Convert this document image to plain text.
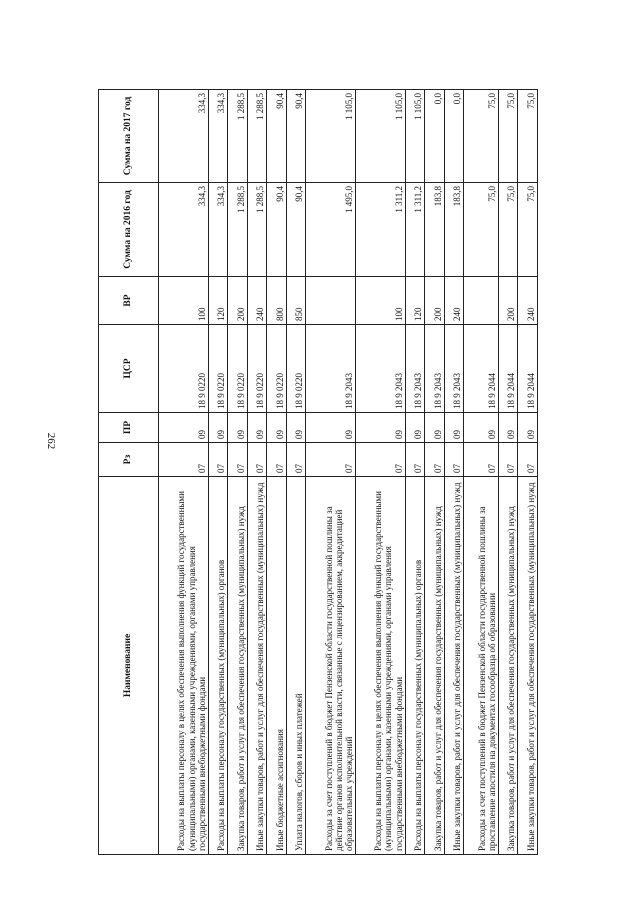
262
Наименование	Рз	ПР	ЦСР	ВР	Сумма на 2016 год	Сумма на 2017 год
Расходы на выплаты персоналу в целях обеспечения выполнения функций государственными (муниципальными) органами, казенными учреждениями, органами управления государственными внебюджетными фондами	07	09	18 9 0220	100	334,3	334,3
Расходы на выплаты персоналу государственных (муниципальных) органов	07	09	18 9 0220	120	334,3	334,3
Закупка товаров, работ и услуг для обеспечения государственных (муниципальных) нужд	07	09	18 9 0220	200	1 288,5	1 288,5
Иные закупки товаров, работ и услуг для обеспечения государственных (муниципальных) нужд	07	09	18 9 0220	240	1 288,5	1 288,5
Иные бюджетные ассигнования	07	09	18 9 0220	800	90,4	90,4
Уплата налогов, сборов и иных платежей	07	09	18 9 0220	850	90,4	90,4
Расходы за счет поступлений в бюджет Пензенской области государственной пошлины за действие органов исполнительной власти, связанные с лицензированием, аккредитацией образовательных учреждений	07	09	18 9 2043		1 495,0	1 105,0
Расходы на выплаты персоналу в целях обеспечения выполнения функций государственными (муниципальными) органами, казенными учреждениями, органами управления государственными внебюджетными фондами	07	09	18 9 2043	100	1 311,2	1 105,0
Расходы на выплаты персоналу государственных (муниципальных) органов	07	09	18 9 2043	120	1 311,2	1 105,0
Закупка товаров, работ и услуг для обеспечения государственных (муниципальных) нужд	07	09	18 9 2043	200	183,8	0,0
Иные закупки товаров, работ и услуг для обеспечения государственных (муниципальных) нужд	07	09	18 9 2043	240	183,8	0,0
Расходы за счет поступлений в бюджет Пензенской области государственной пошлины за проставление апостиля на документах госообразца об образовании	07	09	18 9 2044		75,0	75,0
Закупка товаров, работ и услуг для обеспечения государственных (муниципальных) нужд	07	09	18 9 2044	200	75,0	75,0
Иные закупки товаров, работ и услуг для обеспечения государственных (муниципальных) нужд	07	09	18 9 2044	240	75,0	75,0
